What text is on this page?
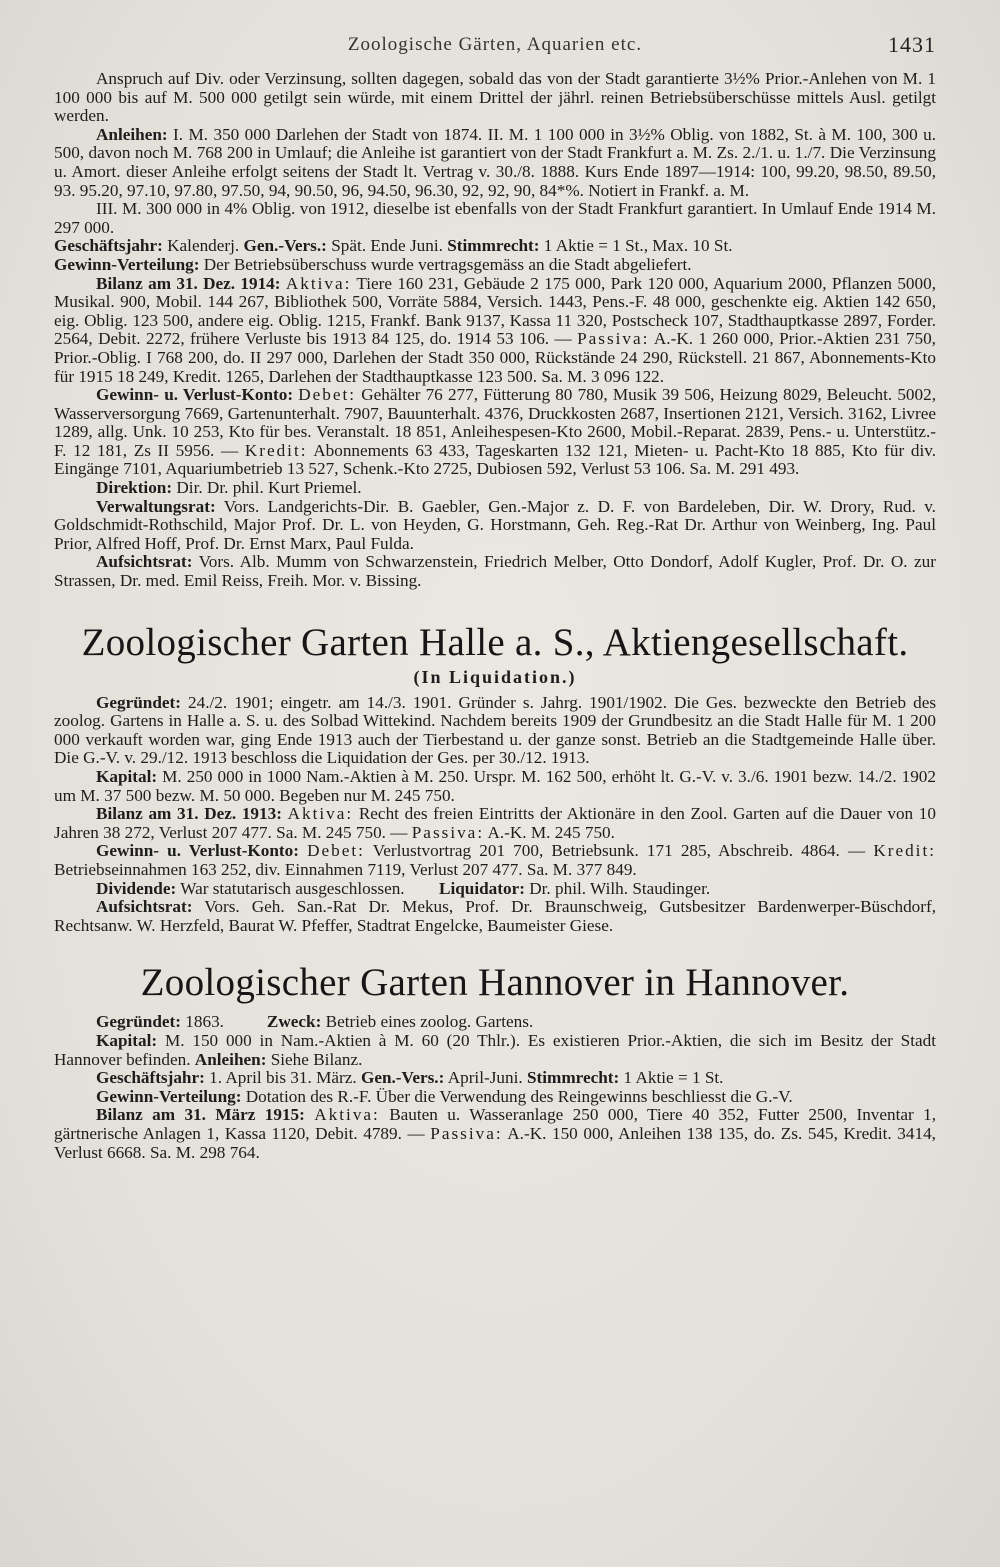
Zoologische Gärten, Aquarien etc.	1431

Anspruch auf Div. oder Verzinsung, sollten dagegen, sobald das von der Stadt garantierte 3½% Prior.-Anlehen von M. 1 100 000 bis auf M. 500 000 getilgt sein würde, mit einem Drittel der jährl. reinen Betriebsüberschüsse mittels Ausl. getilgt werden.

Anleihen: I. M. 350 000 Darlehen der Stadt von 1874. II. M. 1 100 000 in 3½% Oblig. von 1882, St. à M. 100, 300 u. 500, davon noch M. 768 200 in Umlauf; die Anleihe ist garantiert von der Stadt Frankfurt a. M. Zs. 2./1. u. 1./7. Die Verzinsung u. Amort. dieser Anleihe erfolgt seitens der Stadt lt. Vertrag v. 30./8. 1888. Kurs Ende 1897—1914: 100, 99.20, 98.50, 89.50, 93. 95.20, 97.10, 97.80, 97.50, 94, 90.50, 96, 94.50, 96.30, 92, 92, 90, 84*%. Notiert in Frankf. a. M.

III. M. 300 000 in 4% Oblig. von 1912, dieselbe ist ebenfalls von der Stadt Frankfurt garantiert. In Umlauf Ende 1914 M. 297 000.

Geschäftsjahr: Kalenderj. Gen.-Vers.: Spät. Ende Juni. Stimmrecht: 1 Aktie = 1 St., Max. 10 St.

Gewinn-Verteilung: Der Betriebsüberschuss wurde vertragsgemäss an die Stadt abgeliefert.

Bilanz am 31. Dez. 1914: Aktiva: Tiere 160 231, Gebäude 2 175 000, Park 120 000, Aquarium 2000, Pflanzen 5000, Musikal. 900, Mobil. 144 267, Bibliothek 500, Vorräte 5884, Versich. 1443, Pens.-F. 48 000, geschenkte eig. Aktien 142 650, eig. Oblig. 123 500, andere eig. Oblig. 1215, Frankf. Bank 9137, Kassa 11 320, Postscheck 107, Stadthauptkasse 2897, Forder. 2564, Debit. 2272, frühere Verluste bis 1913 84 125, do. 1914 53 106. — Passiva: A.-K. 1 260 000, Prior.-Aktien 231 750, Prior.-Oblig. I 768 200, do. II 297 000, Darlehen der Stadt 350 000, Rückstände 24 290, Rückstell. 21 867, Abonnements-Kto für 1915 18 249, Kredit. 1265, Darlehen der Stadthauptkasse 123 500. Sa. M. 3 096 122.

Gewinn- u. Verlust-Konto: Debet: Gehälter 76 277, Fütterung 80 780, Musik 39 506, Heizung 8029, Beleucht. 5002, Wasserversorgung 7669, Gartenunterhalt. 7907, Bauunterhalt. 4376, Druckkosten 2687, Insertionen 2121, Versich. 3162, Livree 1289, allg. Unk. 10 253, Kto für bes. Veranstalt. 18 851, Anleihespesen-Kto 2600, Mobil.-Reparat. 2839, Pens.- u. Unterstütz.-F. 12 181, Zs II 5956. — Kredit: Abonnements 63 433, Tageskarten 132 121, Mieten- u. Pacht-Kto 18 885, Kto für div. Eingänge 7101, Aquariumbetrieb 13 527, Schenk.-Kto 2725, Dubiosen 592, Verlust 53 106. Sa. M. 291 493.

Direktion: Dir. Dr. phil. Kurt Priemel.

Verwaltungsrat: Vors. Landgerichts-Dir. B. Gaebler, Gen.-Major z. D. F. von Bardeleben, Dir. W. Drory, Rud. v. Goldschmidt-Rothschild, Major Prof. Dr. L. von Heyden, G. Horstmann, Geh. Reg.-Rat Dr. Arthur von Weinberg, Ing. Paul Prior, Alfred Hoff, Prof. Dr. Ernst Marx, Paul Fulda.

Aufsichtsrat: Vors. Alb. Mumm von Schwarzenstein, Friedrich Melber, Otto Dondorf, Adolf Kugler, Prof. Dr. O. zur Strassen, Dr. med. Emil Reiss, Freih. Mor. v. Bissing.

Zoologischer Garten Halle a. S., Aktiengesellschaft.
(In Liquidation.)

Gegründet: 24./2. 1901; eingetr. am 14./3. 1901. Gründer s. Jahrg. 1901/1902. Die Ges. bezweckte den Betrieb des zoolog. Gartens in Halle a. S. u. des Solbad Wittekind. Nachdem bereits 1909 der Grundbesitz an die Stadt Halle für M. 1 200 000 verkauft worden war, ging Ende 1913 auch der Tierbestand u. der ganze sonst. Betrieb an die Stadtgemeinde Halle über. Die G.-V. v. 29./12. 1913 beschloss die Liquidation der Ges. per 30./12. 1913.

Kapital: M. 250 000 in 1000 Nam.-Aktien à M. 250. Urspr. M. 162 500, erhöht lt. G.-V. v. 3./6. 1901 bezw. 14./2. 1902 um M. 37 500 bezw. M. 50 000. Begeben nur M. 245 750.

Bilanz am 31. Dez. 1913: Aktiva: Recht des freien Eintritts der Aktionäre in den Zool. Garten auf die Dauer von 10 Jahren 38 272, Verlust 207 477. Sa. M. 245 750. — Passiva: A.-K. M. 245 750.

Gewinn- u. Verlust-Konto: Debet: Verlustvortrag 201 700, Betriebsunk. 171 285, Abschreib. 4864. — Kredit: Betriebseinnahmen 163 252, div. Einnahmen 7119, Verlust 207 477. Sa. M. 377 849.

Dividende: War statutarisch ausgeschlossen. Liquidator: Dr. phil. Wilh. Staudinger.

Aufsichtsrat: Vors. Geh. San.-Rat Dr. Mekus, Prof. Dr. Braunschweig, Gutsbesitzer Bardenwerper-Büschdorf, Rechtsanw. W. Herzfeld, Baurat W. Pfeffer, Stadtrat Engelcke, Baumeister Giese.

Zoologischer Garten Hannover in Hannover.

Gegründet: 1863. Zweck: Betrieb eines zoolog. Gartens.

Kapital: M. 150 000 in Nam.-Aktien à M. 60 (20 Thlr.). Es existieren Prior.-Aktien, die sich im Besitz der Stadt Hannover befinden. Anleihen: Siehe Bilanz.

Geschäftsjahr: 1. April bis 31. März. Gen.-Vers.: April-Juni. Stimmrecht: 1 Aktie = 1 St.

Gewinn-Verteilung: Dotation des R.-F. Über die Verwendung des Reingewinns beschliesst die G.-V.

Bilanz am 31. März 1915: Aktiva: Bauten u. Wasseranlage 250 000, Tiere 40 352, Futter 2500, Inventar 1, gärtnerische Anlagen 1, Kassa 1120, Debit. 4789. — Passiva: A.-K. 150 000, Anleihen 138 135, do. Zs. 545, Kredit. 3414, Verlust 6668. Sa. M. 298 764.
